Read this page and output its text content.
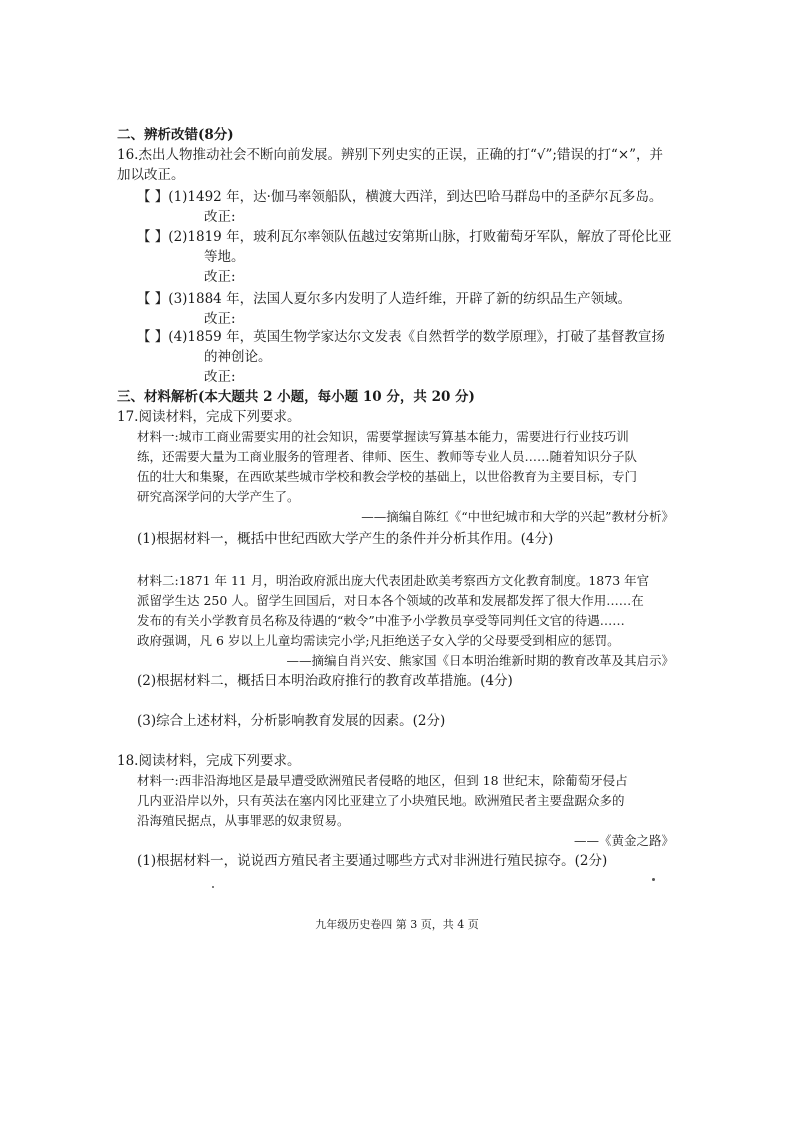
二、辨析改错(8分)
16.杰出人物推动社会不断向前发展。辨别下列史实的正误，正确的打“√”;错误的打“×”，并
加以改正。
【 】(1)1492 年，达·伽马率领船队，横渡大西洋，到达巴哈马群岛中的圣萨尔瓦多岛。
改正:
【 】(2)1819 年，玻利瓦尔率领队伍越过安第斯山脉，打败葡萄牙军队，解放了哥伦比亚
等地。
改正:
【 】(3)1884 年，法国人夏尔多内发明了人造纤维，开辟了新的纺织品生产领域。
改正:
【 】(4)1859 年，英国生物学家达尔文发表《自然哲学的数学原理》，打破了基督教宣扬
的神创论。
改正:
三、材料解析(本大题共 2 小题，每小题 10 分，共 20 分)
17.阅读材料，完成下列要求。
材料一:城市工商业需要实用的社会知识，需要掌握读写算基本能力，需要进行行业技巧训
练，还需要大量为工商业服务的管理者、律师、医生、教师等专业人员……随着知识分子队
伍的壮大和集聚，在西欧某些城市学校和教会学校的基础上，以世俗教育为主要目标，专门
研究高深学问的大学产生了。
——摘编自陈红《“中世纪城市和大学的兴起”教材分析》
(1)根据材料一，概括中世纪西欧大学产生的条件并分析其作用。(4分)
材料二:1871 年 11 月，明治政府派出庞大代表团赴欧美考察西方文化教育制度。1873 年官
派留学生达 250 人。留学生回国后，对日本各个领域的改革和发展都发挥了很大作用……在
发布的有关小学教育员名称及待遇的“敕令”中准予小学教员享受等同判任文官的待遇……
政府强调，凡 6 岁以上儿童均需读完小学;凡拒绝送子女入学的父母要受到相应的惩罚。
——摘编自肖兴安、熊家国《日本明治维新时期的教育改革及其启示》
(2)根据材料二，概括日本明治政府推行的教育改革措施。(4分)
(3)综合上述材料，分析影响教育发展的因素。(2分)
18.阅读材料，完成下列要求。
材料一:西非沿海地区是最早遭受欧洲殖民者侵略的地区，但到 18 世纪末，除葡萄牙侵占
几内亚沿岸以外，只有英法在塞内冈比亚建立了小块殖民地。欧洲殖民者主要盘踞众多的
沿海殖民据点，从事罪恶的奴隶贸易。
——《黄金之路》
(1)根据材料一，说说西方殖民者主要通过哪些方式对非洲进行殖民掠夺。(2分)
九年级历史卷四 第 3 页，共 4 页
